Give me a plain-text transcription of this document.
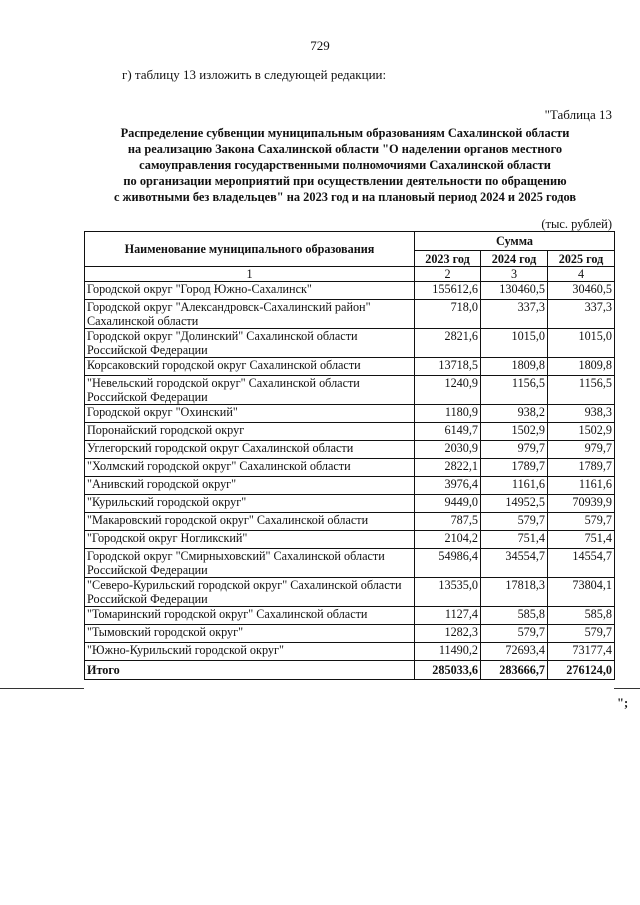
729
г) таблицу 13 изложить в следующей редакции:
"Таблица 13
Распределение субвенции муниципальным образованиям Сахалинской области
на реализацию Закона Сахалинской области "О наделении органов местного
самоуправления государственными полномочиями Сахалинской области
по организации мероприятий при осуществлении деятельности по обращению
с животными без владельцев" на 2023 год и на плановый период 2024 и 2025 годов
(тыс. рублей)
Наименование муниципального образования	Сумма		
	2023 год	2024 год	2025 год
1	2	3	4
Городской округ "Город Южно-Сахалинск"	155612,6	130460,5	30460,5
Городской округ "Александровск-Сахалинский район" Сахалинской области	718,0	337,3	337,3
Городской округ "Долинский" Сахалинской области Российской Федерации	2821,6	1015,0	1015,0
Корсаковский городской округ Сахалинской области	13718,5	1809,8	1809,8
"Невельский городской округ" Сахалинской области Российской Федерации	1240,9	1156,5	1156,5
Городской округ "Охинский"	1180,9	938,2	938,3
Поронайский городской округ	6149,7	1502,9	1502,9
Углегорский городской округ Сахалинской области	2030,9	979,7	979,7
"Холмский городской округ" Сахалинской области	2822,1	1789,7	1789,7
"Анивский городской округ"	3976,4	1161,6	1161,6
"Курильский городской округ"	9449,0	14952,5	70939,9
"Макаровский городской округ" Сахалинской области	787,5	579,7	579,7
"Городской округ Ногликский"	2104,2	751,4	751,4
Городской округ "Смирныховский" Сахалинской области Российской Федерации	54986,4	34554,7	14554,7
"Северо-Курильский городской округ" Сахалинской области Российской Федерации	13535,0	17818,3	73804,1
"Томаринский городской округ" Сахалинской области	1127,4	585,8	585,8
"Тымовский городской округ"	1282,3	579,7	579,7
"Южно-Курильский городской округ"	11490,2	72693,4	73177,4
Итого	285033,6	283666,7	276124,0
";
